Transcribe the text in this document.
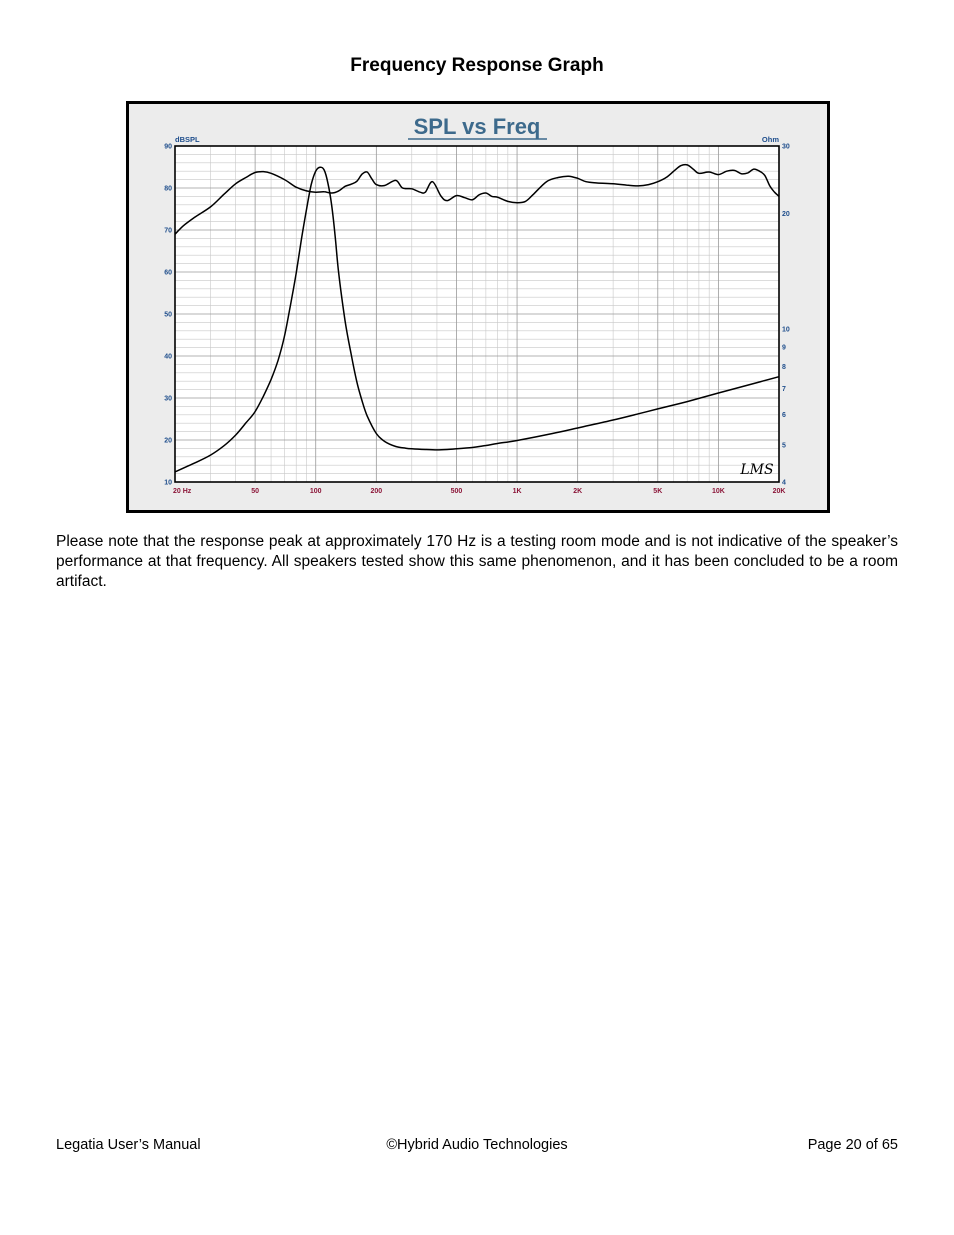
Frequency Response Graph
10
20
30
40
50
60
70
80
90
4
5
6
7
8
9
10
20
30
20 Hz	50	100	200	500	1K	2K	5K	10K	20K
SPL vs Freq
dBSPL	Ohm
LMS
Please note that the response peak at approximately 170 Hz is a testing room mode and is not indicative of the speaker’s performance at that frequency. All speakers tested show this same phenomenon, and it has been concluded to be a room artifact.
Legatia User’s Manual	©Hybrid Audio Technologies	Page 20 of 65
